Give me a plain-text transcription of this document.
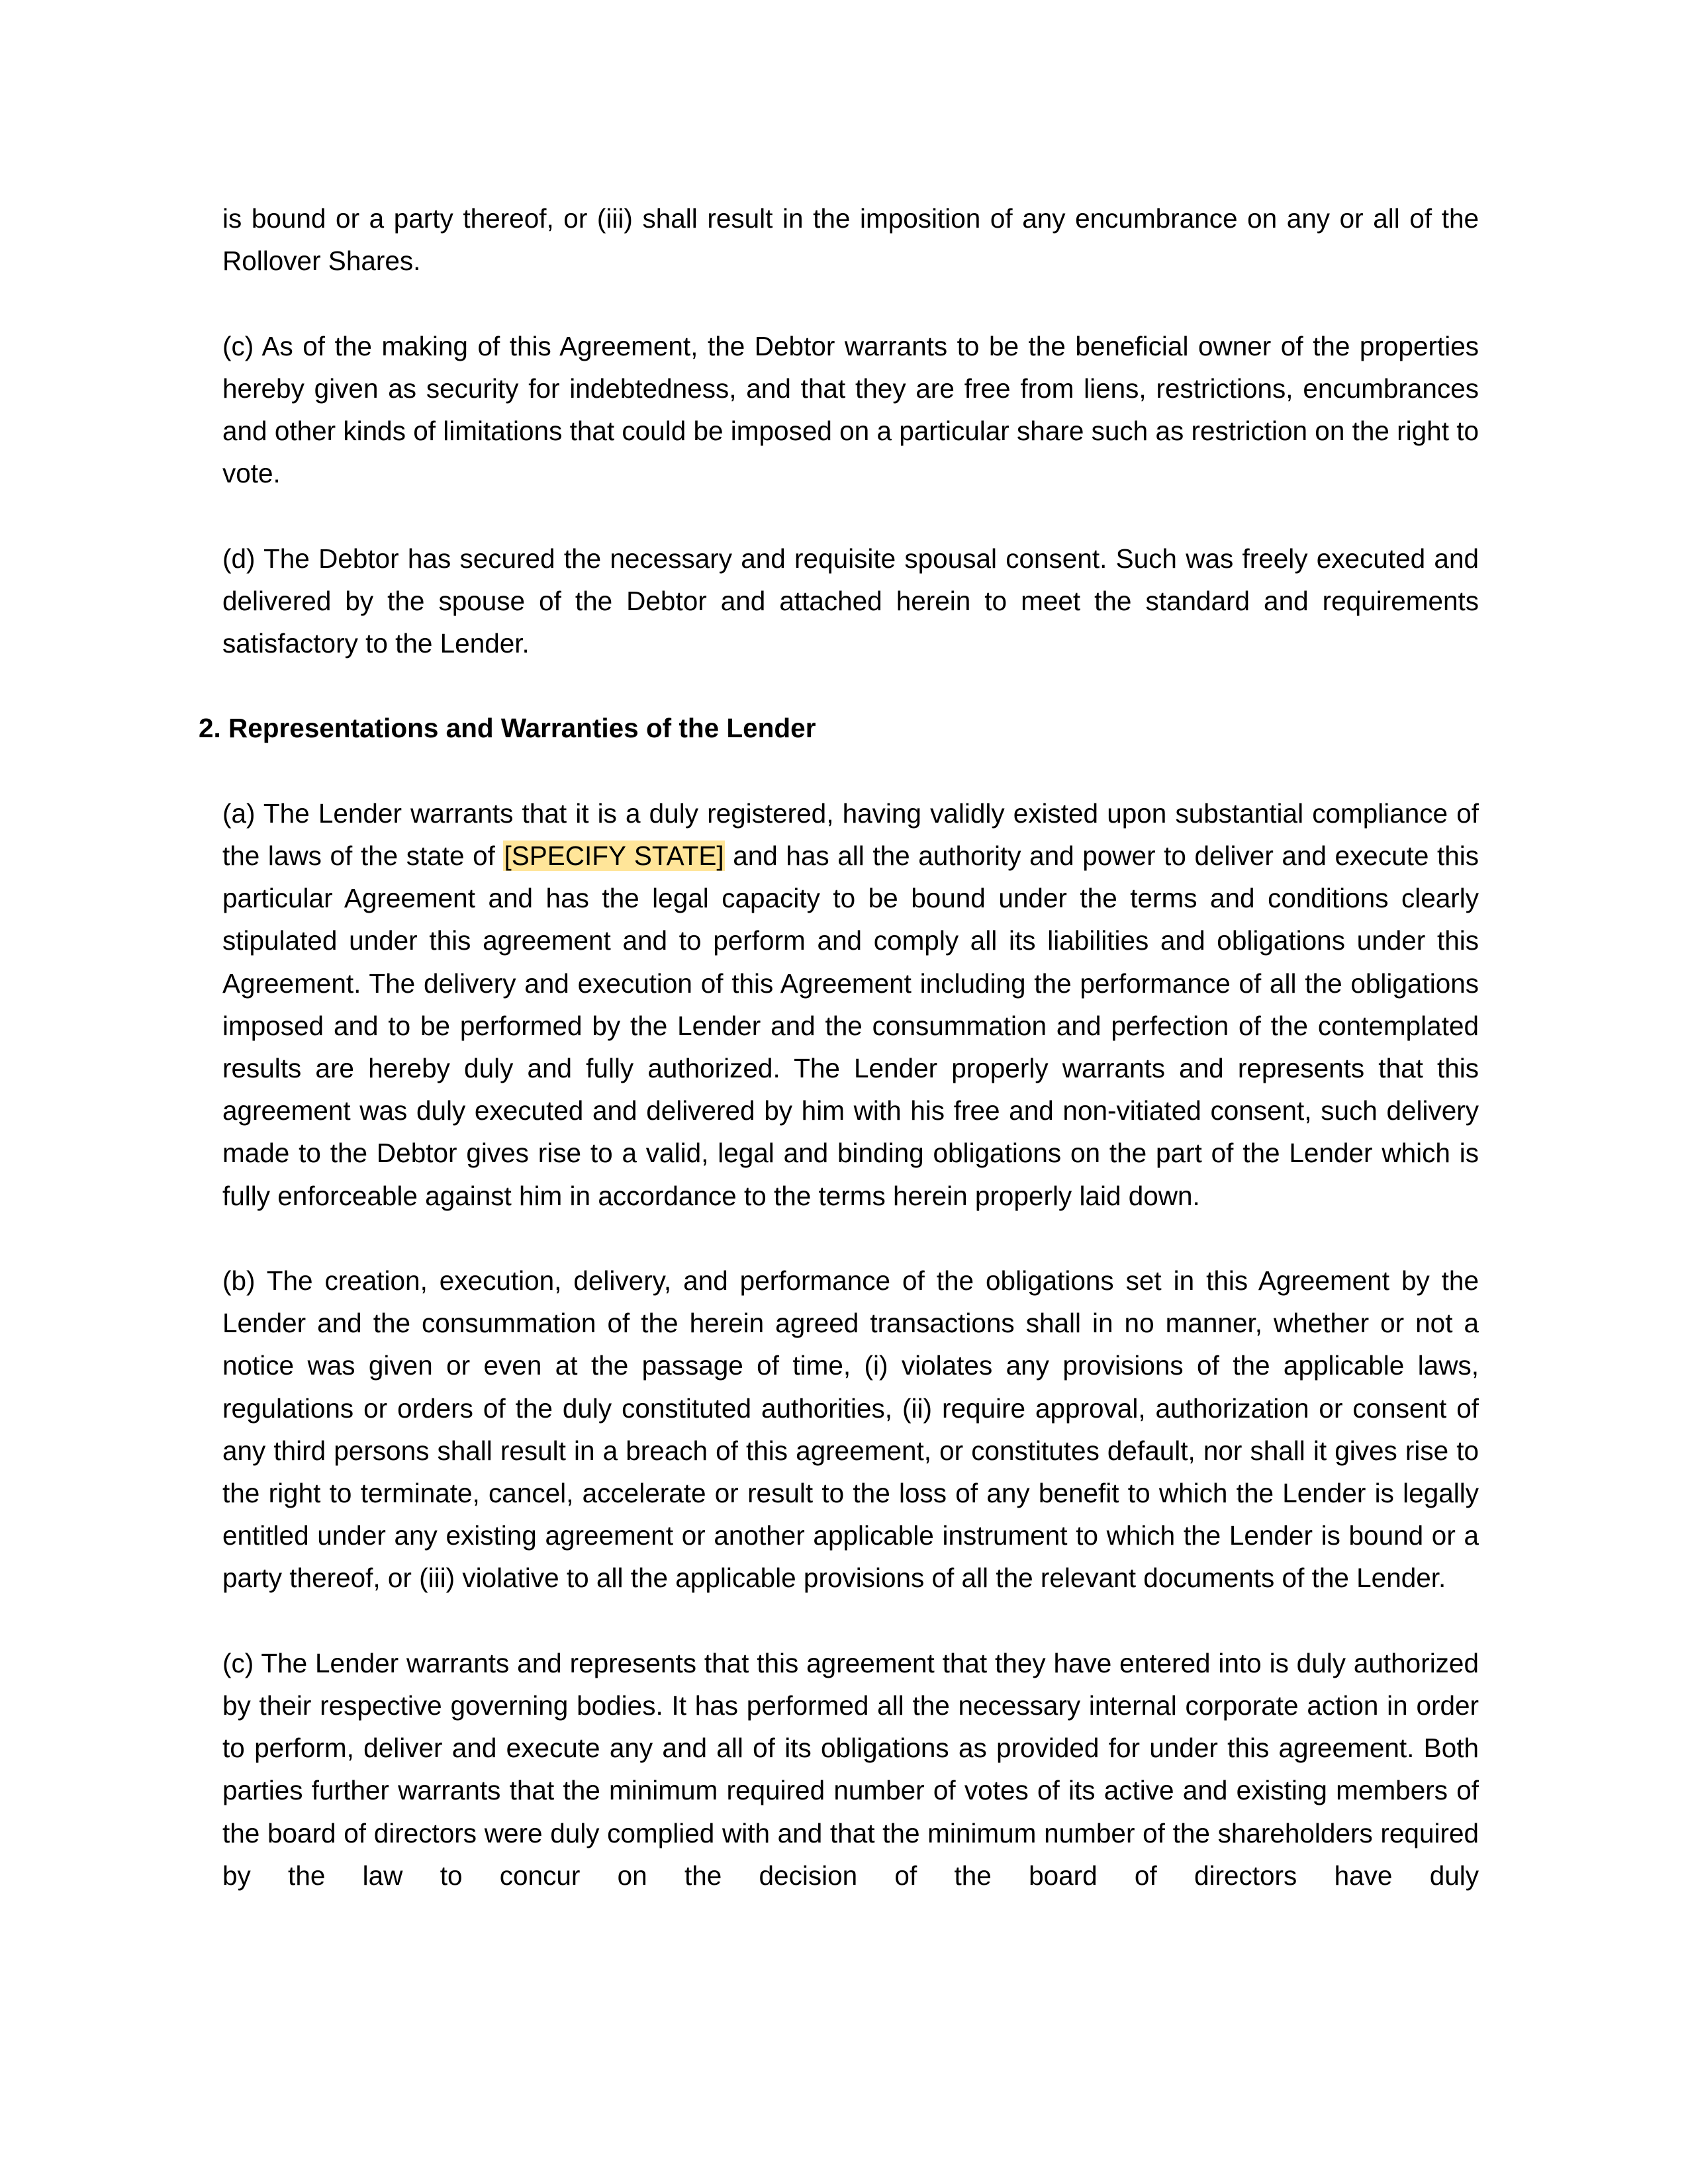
is bound or a party thereof, or (iii) shall result in the imposition of any encumbrance on any or all of the Rollover Shares.

(c) As of the making of this Agreement, the Debtor warrants to be the beneficial owner of the properties hereby given as security for indebtedness, and that they are free from liens, restrictions, encumbrances and other kinds of limitations that could be imposed on a particular share such as restriction on the right to vote.

(d) The Debtor has secured the necessary and requisite spousal consent. Such was freely executed and delivered by the spouse of the Debtor and attached herein to meet the standard and requirements satisfactory to the Lender.

2. Representations and Warranties of the Lender

(a) The Lender warrants that it is a duly registered, having validly existed upon substantial compliance of the laws of the state of [SPECIFY STATE] and has all the authority and power to deliver and execute this particular Agreement and has the legal capacity to be bound under the terms and conditions clearly stipulated under this agreement and to perform and comply all its liabilities and obligations under this Agreement. The delivery and execution of this Agreement including the performance of all the obligations imposed and to be performed by the Lender and the consummation and perfection of the contemplated results are hereby duly and fully authorized. The Lender properly warrants and represents that this agreement was duly executed and delivered by him with his free and non-vitiated consent, such delivery made to the Debtor gives rise to a valid, legal and binding obligations on the part of the Lender which is fully enforceable against him in accordance to the terms herein properly laid down.

(b) The creation, execution, delivery, and performance of the obligations set in this Agreement by the Lender and the consummation of the herein agreed transactions shall in no manner, whether or not a notice was given or even at the passage of time, (i) violates any provisions of the applicable laws, regulations or orders of the duly constituted authorities, (ii) require approval, authorization or consent of any third persons shall result in a breach of this agreement, or constitutes default, nor shall it gives rise to the right to terminate, cancel, accelerate or result to the loss of any benefit to which the Lender is legally entitled under any existing agreement or another applicable instrument to which the Lender is bound or a party thereof, or (iii) violative to all the applicable provisions of all the relevant documents of the Lender.

(c) The Lender warrants and represents that this agreement that they have entered into is duly authorized by their respective governing bodies. It has performed all the necessary internal corporate action in order to perform, deliver and execute any and all of its obligations as provided for under this agreement. Both parties further warrants that the minimum required number of votes of its active and existing members of the board of directors were duly complied with and that the minimum number of the shareholders required by the law to concur on the decision of the board of directors have duly
